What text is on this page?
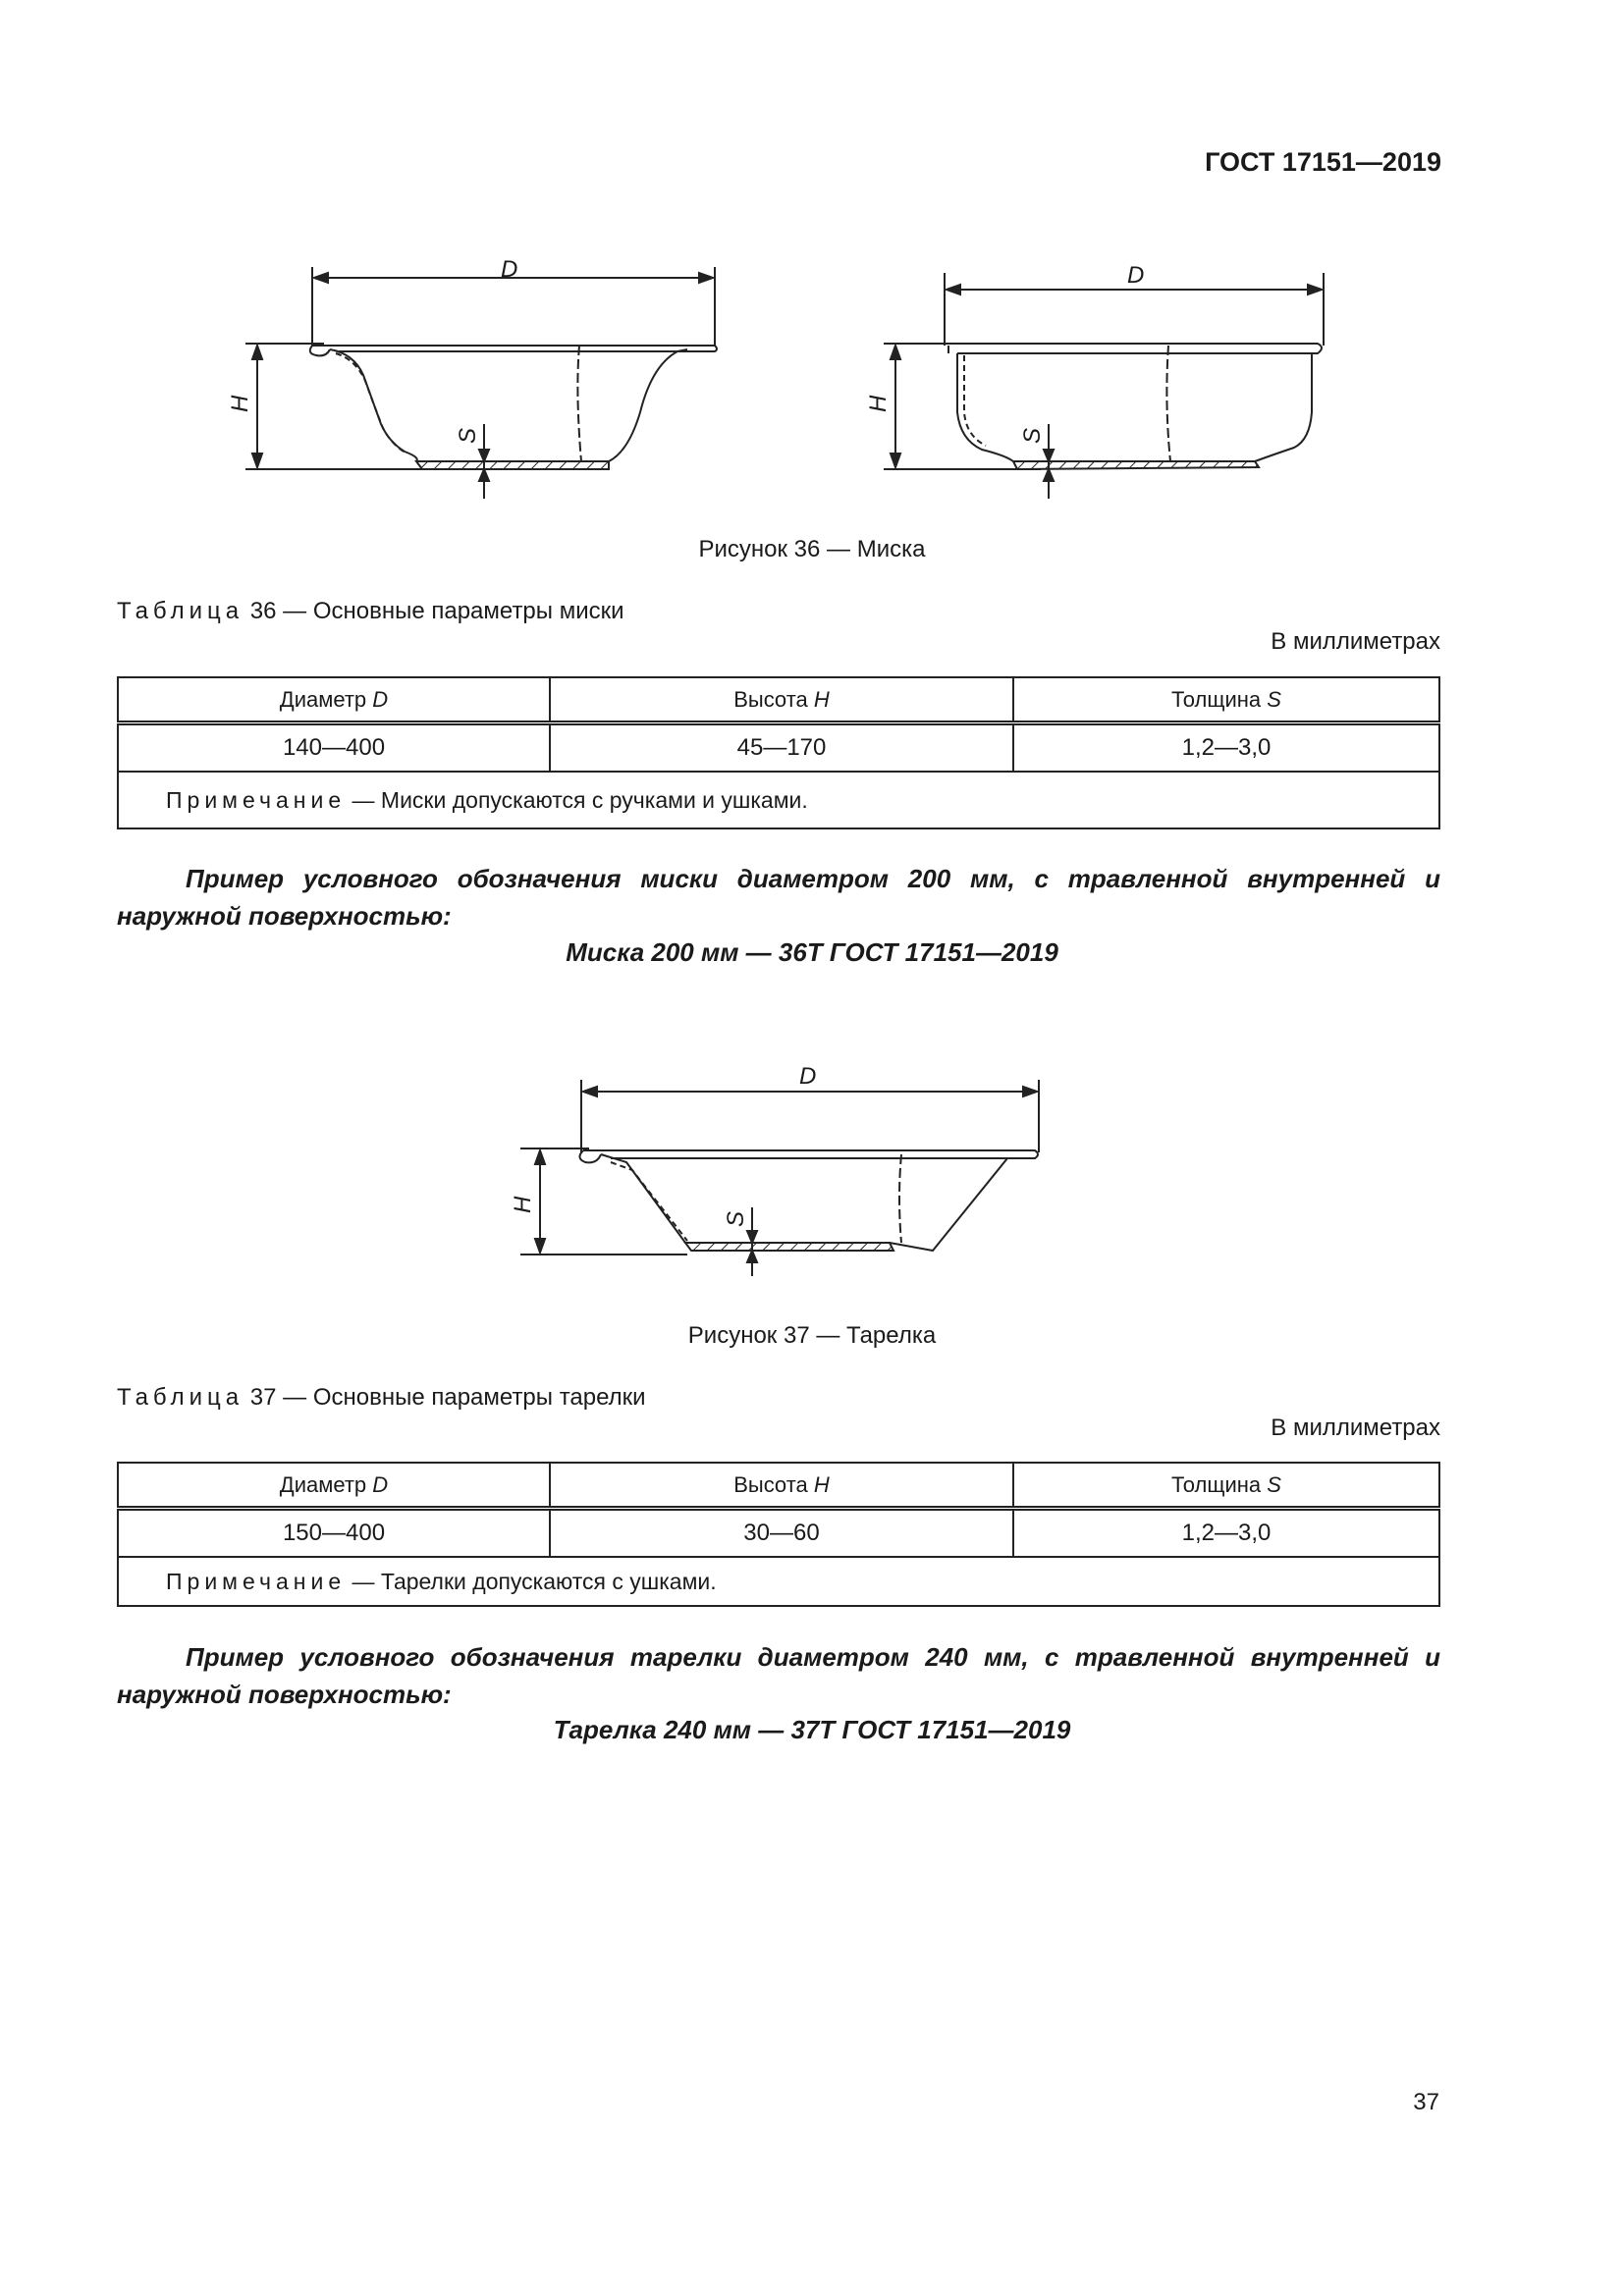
ГОСТ 17151—2019
D
H
S
D
H
S
Рисунок 36 — Миска
Таблица 36 — Основные параметры миски
В миллиметрах
Диаметр D	Высота H	Толщина S
140—400	45—170	1,2—3,0
Примечание — Миски допускаются с ручками и ушками.		
Пример условного обозначения миски диаметром 200 мм, с травленной внутренней и наружной поверхностью:
Миска 200 мм — 36Т ГОСТ 17151—2019
D
H
S
Рисунок 37 — Тарелка
Таблица 37 — Основные параметры тарелки
В миллиметрах
Диаметр D	Высота H	Толщина S
150—400	30—60	1,2—3,0
Примечание — Тарелки допускаются с ушками.		
Пример условного обозначения тарелки диаметром 240 мм, с травленной внутренней и наружной поверхностью:
Тарелка 240 мм — 37Т ГОСТ 17151—2019
37
